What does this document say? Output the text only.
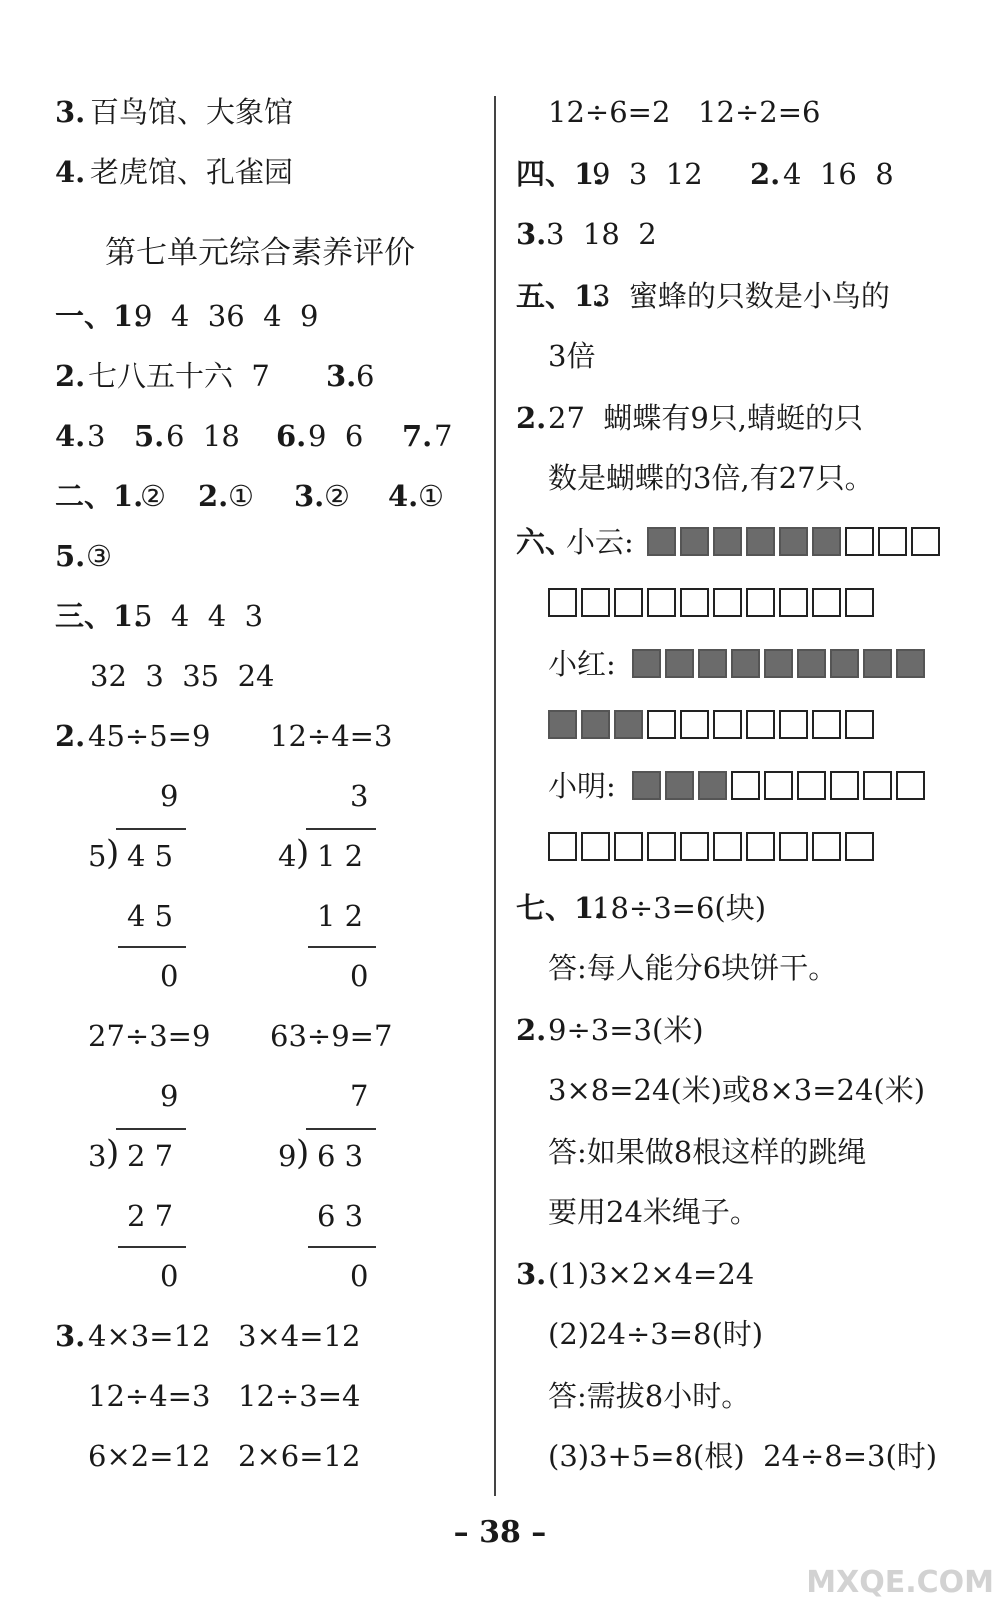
3. 百鸟馆、大象馆
4. 老虎馆、孔雀园
第七单元综合素养评价
一、1.
9  4  36  4  9
2. 七八五十六  7 3. 6
4. 3 5. 6  18 6. 9  6 7. 7
二、1.
② 2. ① 3. ② 4. ①
5. ③
三、1.
5  4  4  3
32  3  35  24
2. 45÷5=9
9
5 ) 4 5
4 5
0
12÷4=3
3
4 ) 1 2
1 2
0
27÷3=9
9
3 ) 2 7
2 7
0
63÷9=7
7
9 ) 6 3
6 3
0
3. 4×3=12   3×4=12
12÷4=3   12÷3=4
6×2=12   2×6=12
12÷6=2   12÷2=6
四、1.
9  3  12 2. 4  16  8
3. 3  18  2
五、1.
3  蜜蜂的只数是小鸟的
3倍
2. 27  蝴蝶有9只,蜻蜓的只
数是蝴蝶的3倍,有27只。
六、
小云:
小红:
小明:
七、1.
18÷3=6(块)
答:每人能分6块饼干。
2. 9÷3=3(米)
3×8=24(米)或8×3=24(米)
答:如果做8根这样的跳绳
要用24米绳子。
3. (1)3×2×4=24
(2)24÷3=8(时)
答:需拔8小时。
(3)3+5=8(根)  24÷8=3(时)
– 38 –
MXQE.COM
